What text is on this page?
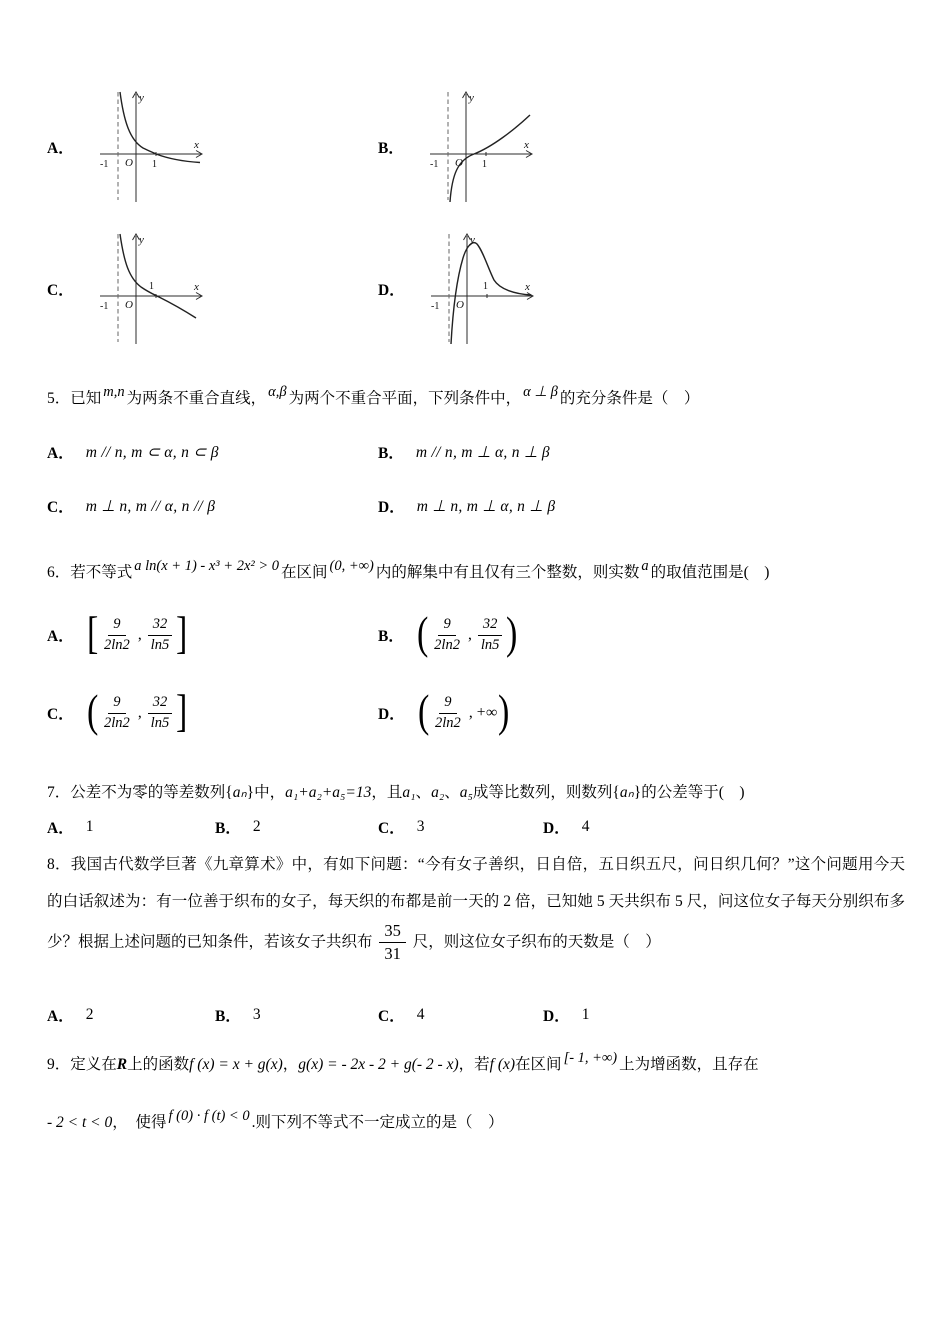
A．
y
x
O
-1	1
B．
y
x
O
-1	1
C．
y
x
O
-1
1	D．
y
x
O
-1
1
5．已知 m,n 为两条不重合直线， α,β 为两个不重合平面，下列条件中， α ⊥ β 的充分条件是（　）
A． m // n, m ⊂ α, n ⊂ β	B． m // n, m ⊥ α, n ⊥ β
C． m ⊥ n, m // α, n // β	D． m ⊥ n, m ⊥ α, n ⊥ β
6．若不等式 a ln(x + 1) - x³ + 2x² > 0 在区间 (0, +∞) 内的解集中有且仅有三个整数，则实数 a 的取值范围是(　)
A． [ $\frac{9}{2\ln 2}$ , $\frac{32}{\ln 5}$ ]	B． ( $\frac{9}{2\ln 2}$ , $\frac{32}{\ln 5}$ )
C． ( $\frac{9}{2\ln 2}$ , $\frac{32}{\ln 5}$ ]	D． ( $\frac{9}{2\ln 2}$ , +∞ )
7．公差不为零的等差数列{aₙ}中，a₁+a₂+a₅=13，且a₁、a₂、a₅成等比数列，则数列{aₙ}的公差等于(　)
A． 1	B． 2	C． 3	D． 4
8．我国古代数学巨著《九章算术》中，有如下问题：“今有女子善织，日自倍，五日织五尺，问日织几何？”这个问题用今天的白话叙述为：有一位善于织布的女子，每天织的布都是前一天的 2 倍，已知她 5 天共织布 5 尺，问这位女子每天分别织布多少？根据上述问题的已知条件，若该女子共织布 $\frac{35}{31}$ 尺，则这位女子织布的天数是（　）
A． 2	B． 3	C． 4	D． 1
9．定义在R上的函数f (x) = x + g(x)，g(x) = - 2x - 2 + g(- 2 - x)，若f (x)在区间 [- 1, +∞) 上为增函数，且存在
- 2 < t < 0，　使得 f (0) · f (t) < 0 .则下列不等式不一定成立的是（　）
